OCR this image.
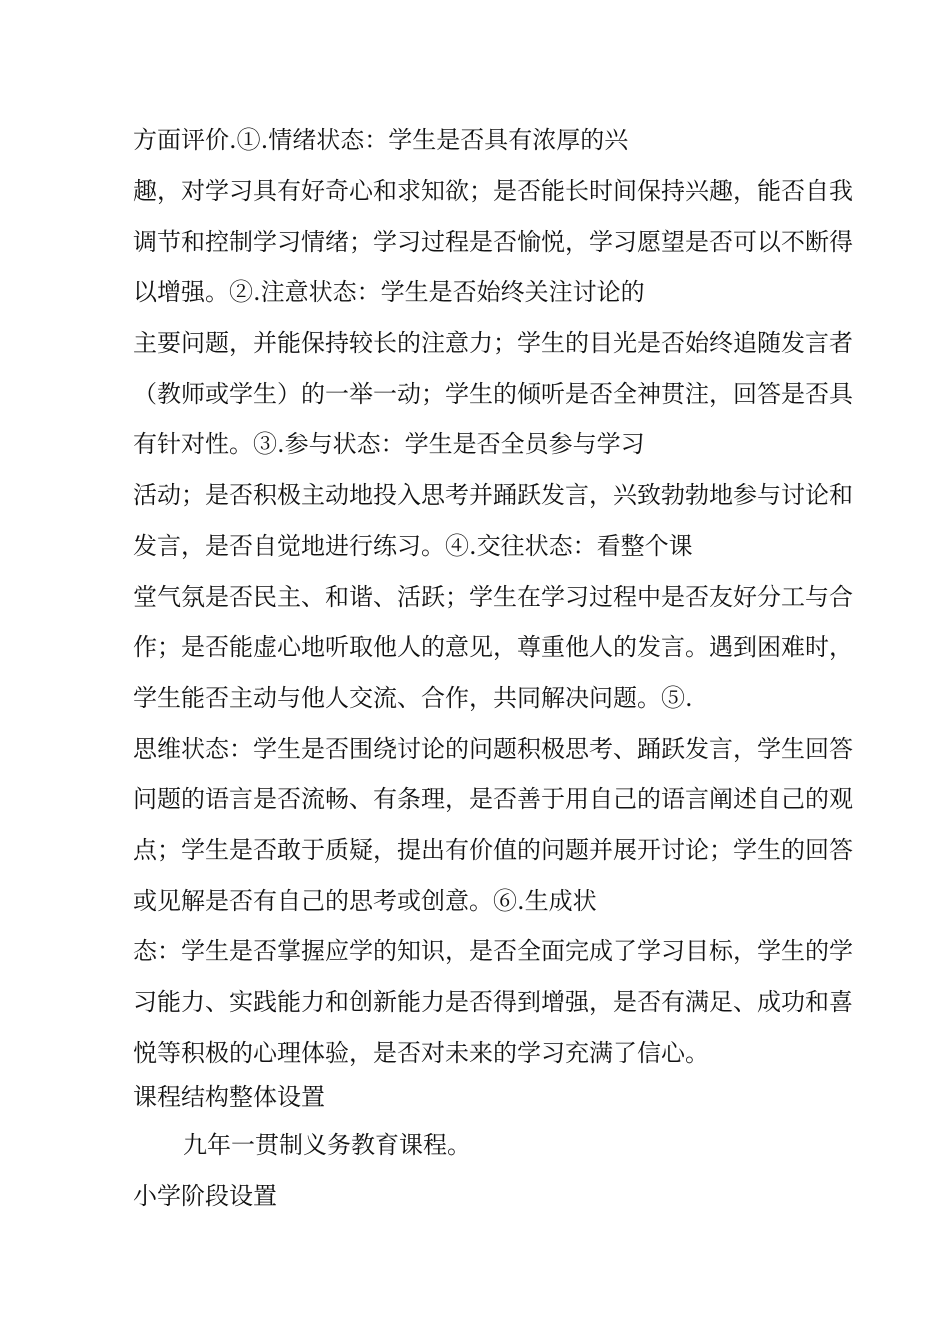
方面评价.①.情绪状态：学生是否具有浓厚的兴
趣，对学习具有好奇心和求知欲；是否能长时间保持兴趣，能否自我
调节和控制学习情绪；学习过程是否愉悦，学习愿望是否可以不断得
以增强。②.注意状态：学生是否始终关注讨论的
主要问题，并能保持较长的注意力；学生的目光是否始终追随发言者
（教师或学生）的一举一动；学生的倾听是否全神贯注，回答是否具
有针对性。③.参与状态：学生是否全员参与学习
活动；是否积极主动地投入思考并踊跃发言，兴致勃勃地参与讨论和
发言，是否自觉地进行练习。④.交往状态：看整个课
堂气氛是否民主、和谐、活跃；学生在学习过程中是否友好分工与合
作；是否能虚心地听取他人的意见，尊重他人的发言。遇到困难时，
学生能否主动与他人交流、合作，共同解决问题。⑤.
思维状态：学生是否围绕讨论的问题积极思考、踊跃发言，学生回答
问题的语言是否流畅、有条理，是否善于用自己的语言阐述自己的观
点；学生是否敢于质疑，提出有价值的问题并展开讨论；学生的回答
或见解是否有自己的思考或创意。⑥.生成状
态：学生是否掌握应学的知识，是否全面完成了学习目标，学生的学
习能力、实践能力和创新能力是否得到增强，是否有满足、成功和喜
悦等积极的心理体验，是否对未来的学习充满了信心。
课程结构整体设置
九年一贯制义务教育课程。
小学阶段设置
